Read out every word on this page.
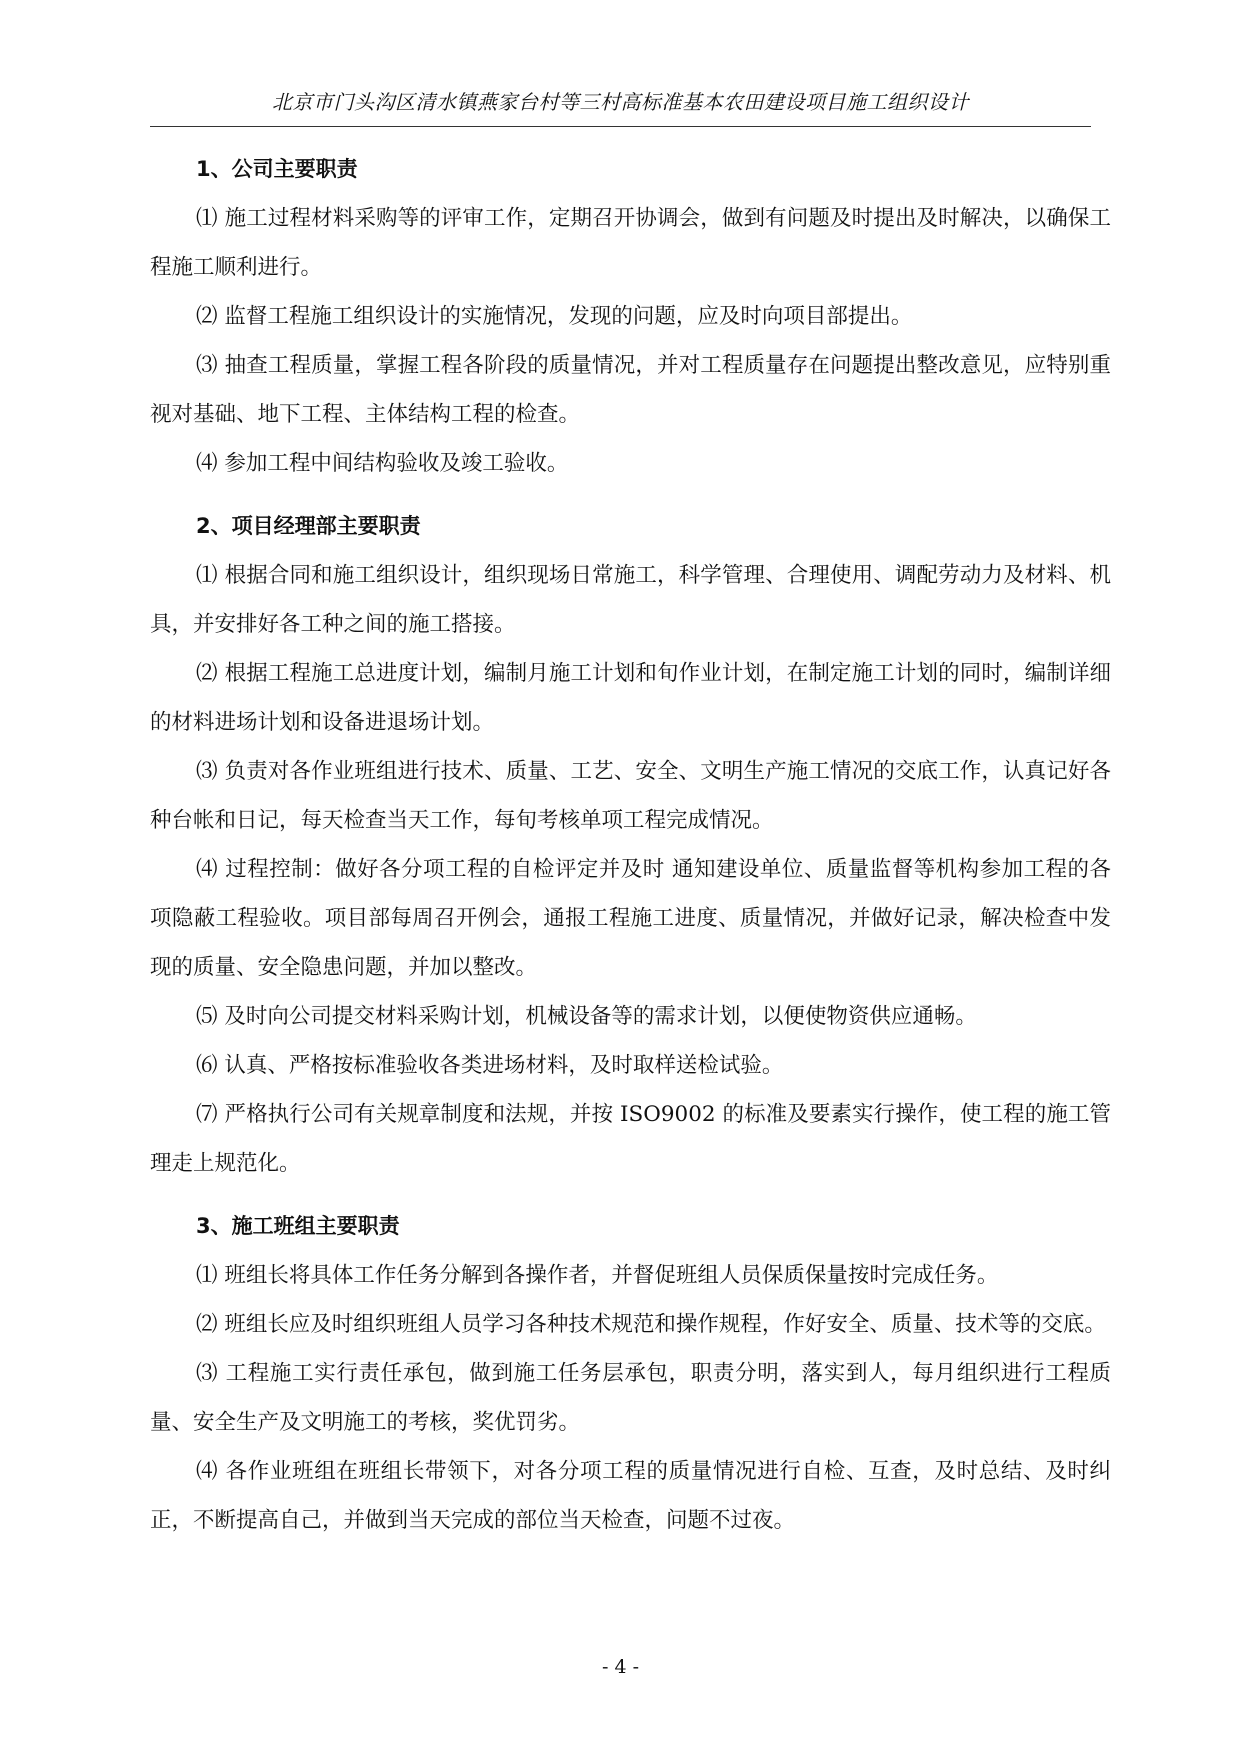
北京市门头沟区清水镇燕家台村等三村高标准基本农田建设项目施工组织设计
1、公司主要职责

⑴ 施工过程材料采购等的评审工作，定期召开协调会，做到有问题及时提出及时解决，以确保工程施工顺利进行。

⑵ 监督工程施工组织设计的实施情况，发现的问题，应及时向项目部提出。

⑶ 抽查工程质量，掌握工程各阶段的质量情况，并对工程质量存在问题提出整改意见，应特别重视对基础、地下工程、主体结构工程的检查。

⑷ 参加工程中间结构验收及竣工验收。

2、项目经理部主要职责

⑴ 根据合同和施工组织设计，组织现场日常施工，科学管理、合理使用、调配劳动力及材料、机具，并安排好各工种之间的施工搭接。

⑵ 根据工程施工总进度计划，编制月施工计划和旬作业计划，在制定施工计划的同时，编制详细的材料进场计划和设备进退场计划。

⑶ 负责对各作业班组进行技术、质量、工艺、安全、文明生产施工情况的交底工作，认真记好各种台帐和日记，每天检查当天工作，每旬考核单项工程完成情况。

⑷ 过程控制：做好各分项工程的自检评定并及时 通知建设单位、质量监督等机构参加工程的各项隐蔽工程验收。项目部每周召开例会，通报工程施工进度、质量情况，并做好记录，解决检查中发现的质量、安全隐患问题，并加以整改。

⑸ 及时向公司提交材料采购计划，机械设备等的需求计划，以便使物资供应通畅。

⑹ 认真、严格按标准验收各类进场材料，及时取样送检试验。

⑺ 严格执行公司有关规章制度和法规，并按 ISO9002 的标准及要素实行操作，使工程的施工管理走上规范化。

3、施工班组主要职责

⑴ 班组长将具体工作任务分解到各操作者，并督促班组人员保质保量按时完成任务。

⑵ 班组长应及时组织班组人员学习各种技术规范和操作规程，作好安全、质量、技术等的交底。

⑶ 工程施工实行责任承包，做到施工任务层承包，职责分明，落实到人，每月组织进行工程质量、安全生产及文明施工的考核，奖优罚劣。

⑷ 各作业班组在班组长带领下，对各分项工程的质量情况进行自检、互查，及时总结、及时纠正，不断提高自己，并做到当天完成的部位当天检查，问题不过夜。

- 4 -
